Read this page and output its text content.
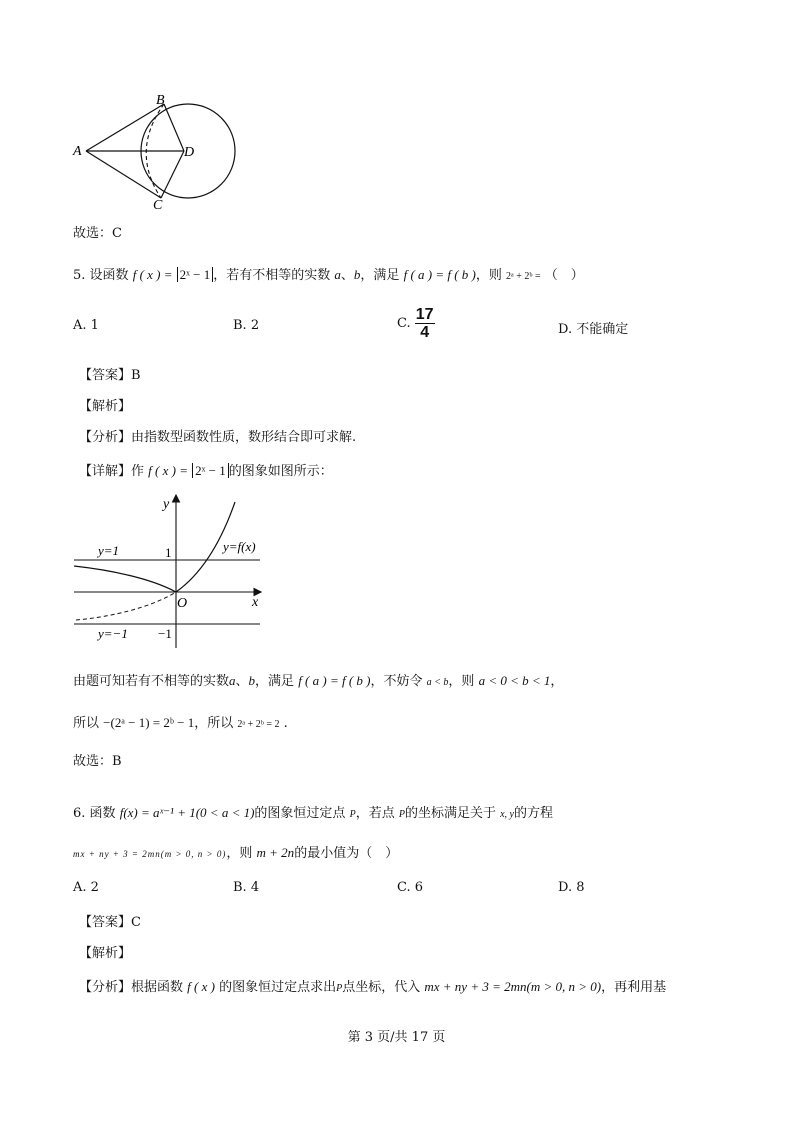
A
B
C
D
故选：C
5. 设函数 f ( x ) = 2ˣ − 1 ，若有不相等的实数 a、b，满足 f ( a ) = f ( b )，则 2ᵃ + 2ᵇ = （　）
A. 1	B. 2	C. $\frac{17}{4}$	D. 不能确定
【答案】B
【解析】
【分析】由指数型函数性质，数形结合即可求解.
【详解】作 f ( x ) = 2ˣ − 1 的图象如图所示：
y
x
O
1
−1
y=1
y=−1
y=f(x)
由题可知若有不相等的实数a、b，满足 f ( a ) = f ( b )，不妨令 a < b，则 a < 0 < b < 1，
所以 −(2ᵃ − 1) = 2ᵇ − 1，所以 2ᵃ + 2ᵇ = 2 .
故选：B
6. 函数 f(x) = aˣ⁻¹ + 1(0 < a < 1)的图象恒过定点 P，若点 P的坐标满足关于 x, y的方程
mx + ny + 3 = 2mn(m > 0, n > 0)，则 m + 2n的最小值为（　）
A. 2	B. 4	C. 6	D. 8
【答案】C
【解析】
【分析】根据函数 f ( x ) 的图象恒过定点求出P点坐标，代入 mx + ny + 3 = 2mn(m > 0, n > 0)，再利用基
第 3 页/共 17 页
